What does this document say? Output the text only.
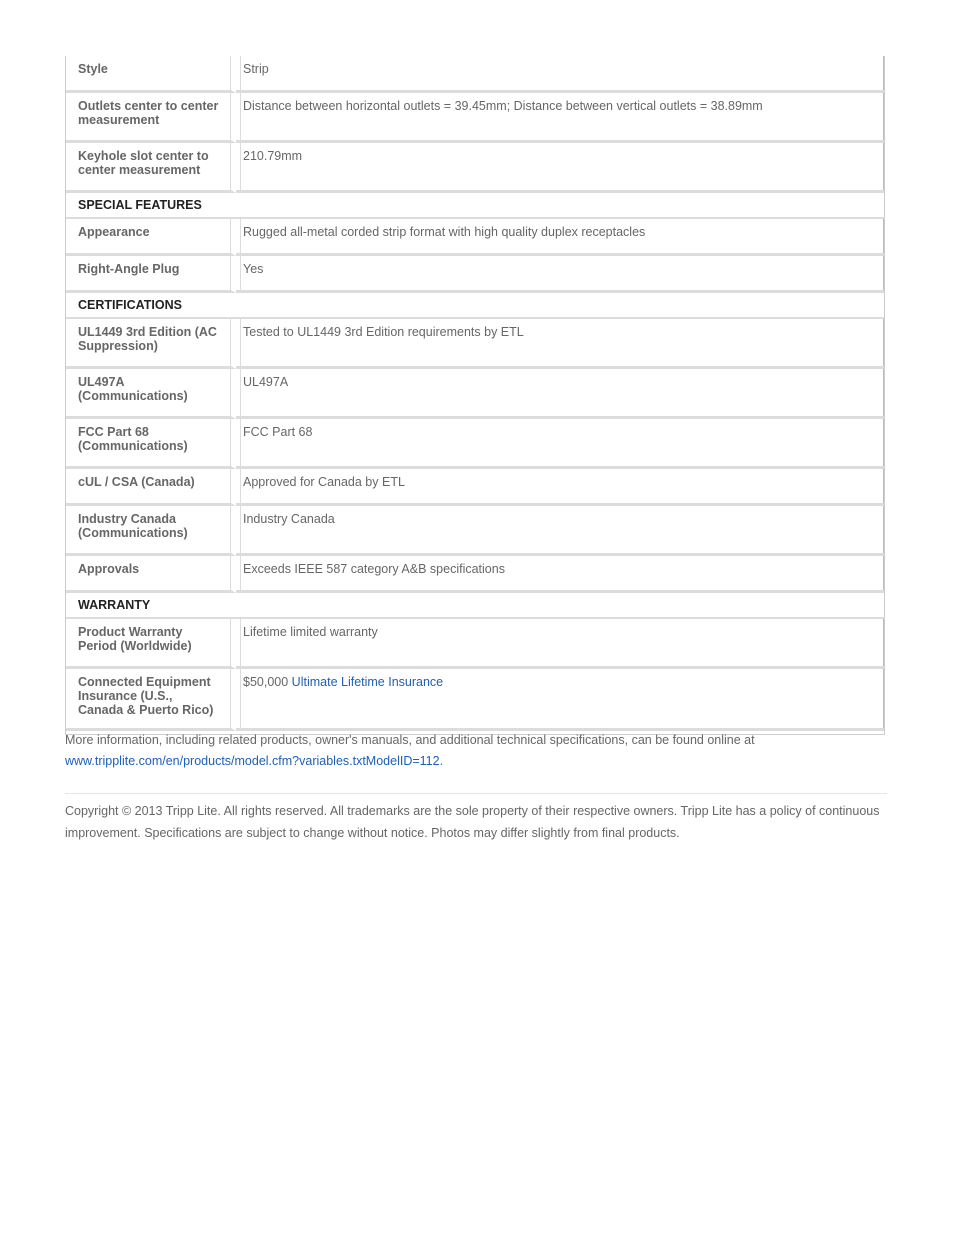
Style	Strip
Outlets center to center measurement	Distance between horizontal outlets = 39.45mm; Distance between vertical outlets = 38.89mm
Keyhole slot center to center measurement	210.79mm
SPECIAL FEATURES	
Appearance	Rugged all-metal corded strip format with high quality duplex receptacles
Right-Angle Plug	Yes
CERTIFICATIONS	
UL1449 3rd Edition (AC Suppression)	Tested to UL1449 3rd Edition requirements by ETL
UL497A (Communications)	UL497A
FCC Part 68 (Communications)	FCC Part 68
cUL / CSA (Canada)	Approved for Canada by ETL
Industry Canada (Communications)	Industry Canada
Approvals	Exceeds IEEE 587 category A&B specifications
WARRANTY	
Product Warranty Period (Worldwide)	Lifetime limited warranty
Connected Equipment Insurance (U.S., Canada & Puerto Rico)	$50,000 Ultimate Lifetime Insurance
More information, including related products, owner's manuals, and additional technical specifications, can be found online at
www.tripplite.com/en/products/model.cfm?variables.txtModelID=112.
Copyright © 2013 Tripp Lite. All rights reserved. All trademarks are the sole property of their respective owners. Tripp Lite has a policy of continuous improvement. Specifications are subject to change without notice. Photos may differ slightly from final products.
